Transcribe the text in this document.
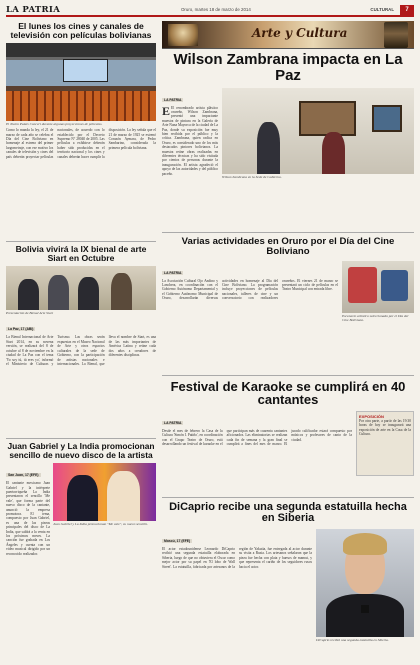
LA PATRIA	Oruro, martes 18 de marzo de 2014	CULTURAL	7
El lunes los cines y canales de televisión con películas bolivianas
El Teatro Palais Concert durante algunas proyecciones de películas.
Como lo manda la ley, el 21 de marzo de cada año se celebra el Día del Cine Boliviano en homenaje al estreno del primer largometraje, con ese motivo los canales de televisión y cines del país deberán proyectar películas nacionales, de acuerdo con lo establecido por el Decreto Supremo N° 28040 de 2005. Las películas a exhibirse deberán haber sido producidas en el territorio nacional y los cines y canales deberán hacer cumplir la disposición. La ley señala que el 21 de marzo de 1925 se estrenó Corazón Aymara, de Pedro Sambarino, considerada la primera película boliviana.
Bolivia vivirá la IX bienal de arte Siart en Octubre
Presentación de Bienal Arte Siart
La Paz, 17 (ABI)
La Bienal Internacional de Arte Siart 2014, en su novena versión, se realizará del 8 de octubre al 8 de noviembre en la ciudad de La Paz con el tema 'Yo soy tú, tú eres yo', informó el Ministerio de Culturas y Turismo. Las obras serán expuestas en el Museo Nacional de Arte y otros espacios culturales de la sede de Gobierno, con la participación de artistas nacionales e internacionales. La Bienal, que lleva el nombre de Siart, es una de las más importantes de América Latina y reúne cada dos años a creadores de diferentes disciplinas.
Juan Gabriel y La India promocionan sencillo de nuevo disco de la artista
San Juan, 17 (EFE)
El cantante mexicano Juan Gabriel y la intérprete puertorriqueña La India presentaron el sencillo 'Me vale', que forma parte del nuevo disco de la cantante, anunció la empresa promotora. El tema, compuesto por Juan Gabriel, es una de las piezas principales del disco de La India, que saldrá a la venta en los próximos meses. La canción fue grabada en Los Ángeles y cuenta con un video musical dirigido por un reconocido realizador.
Juan Gabriel y La India promocionan "Me vale", su nuevo sencillo.
Arte y Cultura
Wilson Zambrana impacta en La Paz
LA PATRIA
E El renombrado artista plástico orureño, Wilson Zambrana, presentó una impactante muestra de pintura en la Galería de Arte Nuna Mayorca de la ciudad de La Paz, donde su exposición fue muy bien recibida por el público y la crítica. Zambrana, quien radica en Oruro, es considerado uno de los más destacados pintores bolivianos. La muestra reúne obras realizadas en diferentes técnicas y ha sido visitada por cientos de personas durante la inauguración. El artista agradeció el apoyo de las autoridades y del público paceño.
Wilson Zambrana en la Sede de Gobierno.
Varias actividades en Oruro por el Día del Cine Boliviano
LA PATRIA
La Asociación Cultural Ojo Andino y Lanchera, en coordinación con el Gobierno Autónomo Departamental y el Gobierno Autónomo Municipal de Oruro, desarrollarán diversas actividades en homenaje al Día del Cine Boliviano. La programación incluye proyecciones de películas nacionales, talleres de cine y un conversatorio con realizadores orureños. El viernes 21 de marzo se presentará un ciclo de películas en el Teatro Municipal con entrada libre.
Escenario artístico seleccionado por el Día del Cine Boliviano.
Festival de Karaoke se cumplirá en 40 cantantes
LA PATRIA
Desde el mes de febrero la Casa de la Cultura 'Simón I. Patiño', en coordinación con el Grupo Teatro de Oruro, está desarrollando un festival de karaoke en el que participan más de cuarenta cantantes aficionados. Las eliminatorias se realizan cada fin de semana y la gran final se cumplirá a fines del mes de marzo. El jurado calificador estará compuesto por músicos y profesores de canto de la ciudad.
EXPOSICIÓN
Por otra parte, a partir de las 19:30 horas de hoy se inaugurará una exposición de arte en la Casa de la Cultura.
DiCaprio recibe una segunda estatuilla hecha en Siberia
Moscú, 17 (EFE)
El actor estadounidense Leonardo DiCaprio recibió una segunda estatuilla elaborada en Siberia, luego de que no obtuviera el Oscar como mejor actor por su papel en 'El lobo de Wall Street'. La estatuilla, fabricada por artesanos de la región de Yakutia, fue entregada al actor durante su visita a Rusia. Los artesanos señalaron que la pieza fue hecha con plata y huesos de mamut, y que representa el cariño de los seguidores rusos hacia el actor.
DiCaprio recibió una segunda estatuilla en Siberia.
